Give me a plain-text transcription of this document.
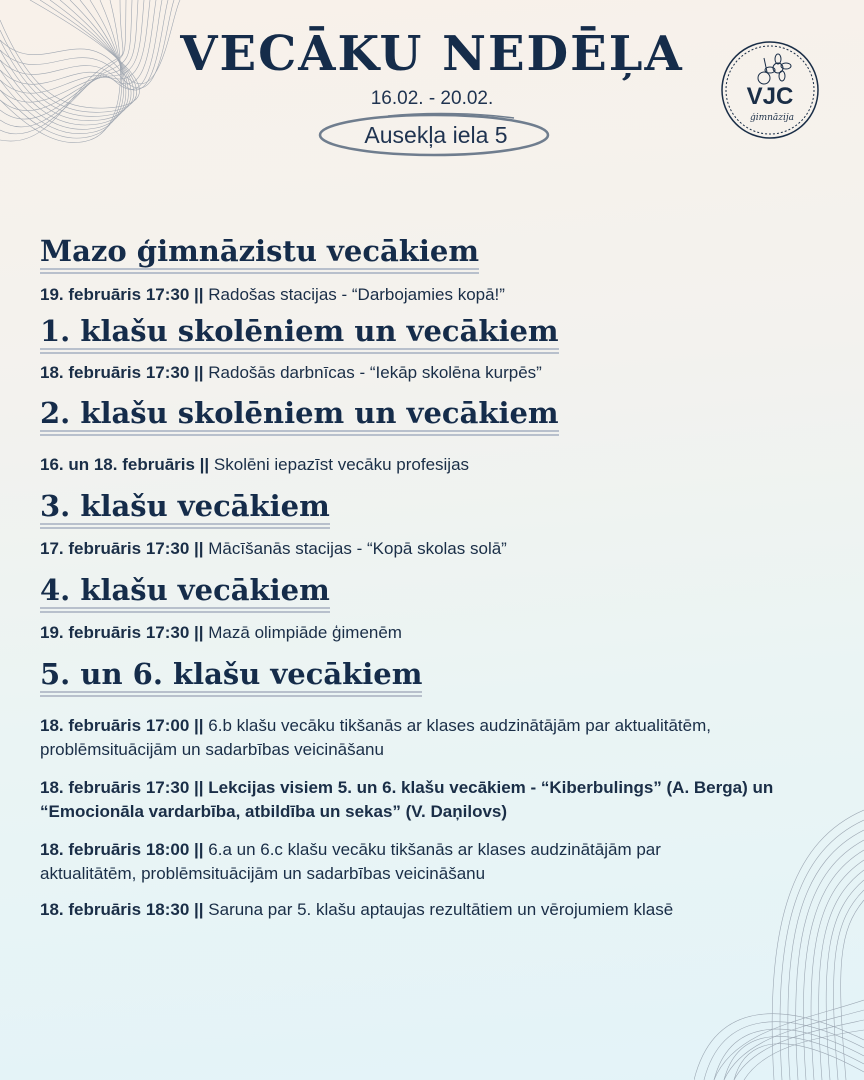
VECĀKU NEDĒĻA
16.02. - 20.02.
Ausekļa iela 5
VJC
ģimnāzija
Mazo ģimnāzistu vecākiem
19. februāris 17:30 || Radošas stacijas - “Darbojamies kopā!”
1. klašu skolēniem un vecākiem
18. februāris 17:30 || Radošās darbnīcas - “Iekāp skolēna kurpēs”
2. klašu skolēniem un vecākiem
16. un 18. februāris || Skolēni iepazīst vecāku profesijas
3. klašu vecākiem
17. februāris 17:30 || Mācīšanās stacijas - “Kopā skolas solā”
4. klašu vecākiem
19. februāris 17:30 || Mazā olimpiāde ģimenēm
5. un 6. klašu vecākiem
18. februāris 17:00 || 6.b klašu vecāku tikšanās ar klases audzinātājām par aktualitātēm, problēmsituācijām un sadarbības veicināšanu
18. februāris 17:30 || Lekcijas visiem 5. un 6. klašu vecākiem - “Kiberbulings” (A. Berga) un “Emocionāla vardarbība, atbildība un sekas” (V. Daņilovs)
18. februāris 18:00 || 6.a un 6.c klašu vecāku tikšanās ar klases audzinātājām par aktualitātēm, problēmsituācijām un sadarbības veicināšanu
18. februāris 18:30 || Saruna par 5. klašu aptaujas rezultātiem un vērojumiem klasē
